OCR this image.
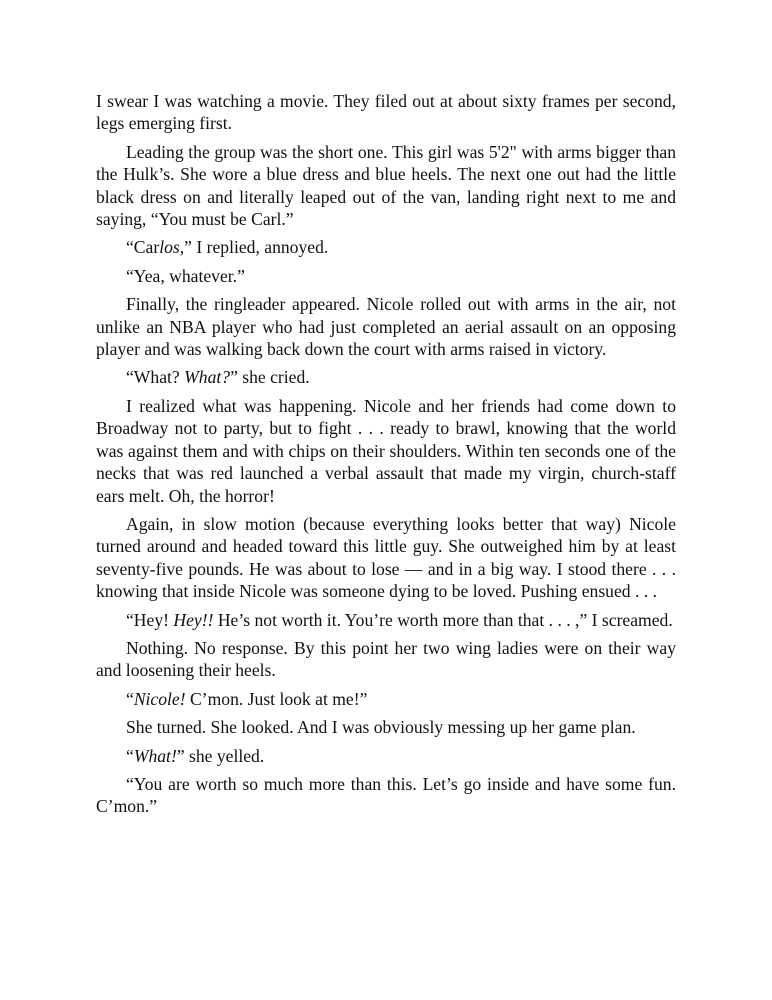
I swear I was watching a movie. They filed out at about sixty frames per second, legs emerging first.

Leading the group was the short one. This girl was 5'2" with arms bigger than the Hulk’s. She wore a blue dress and blue heels. The next one out had the little black dress on and literally leaped out of the van, landing right next to me and saying, “You must be Carl.”

“Carlos,” I replied, annoyed.

“Yea, whatever.”

Finally, the ringleader appeared. Nicole rolled out with arms in the air, not unlike an NBA player who had just completed an aerial assault on an opposing player and was walking back down the court with arms raised in victory.

“What? What?” she cried.

I realized what was happening. Nicole and her friends had come down to Broadway not to party, but to fight . . . ready to brawl, knowing that the world was against them and with chips on their shoulders. Within ten seconds one of the necks that was red launched a verbal assault that made my virgin, church-staff ears melt. Oh, the horror!

Again, in slow motion (because everything looks better that way) Nicole turned around and headed toward this little guy. She outweighed him by at least seventy-five pounds. He was about to lose — and in a big way. I stood there . . . knowing that inside Nicole was someone dying to be loved. Pushing ensued . . .

“Hey! Hey!! He’s not worth it. You’re worth more than that . . . ,” I screamed.

Nothing. No response. By this point her two wing ladies were on their way and loosening their heels.

“Nicole! C’mon. Just look at me!”

She turned. She looked. And I was obviously messing up her game plan.

“What!” she yelled.

“You are worth so much more than this. Let’s go inside and have some fun. C’mon.”
